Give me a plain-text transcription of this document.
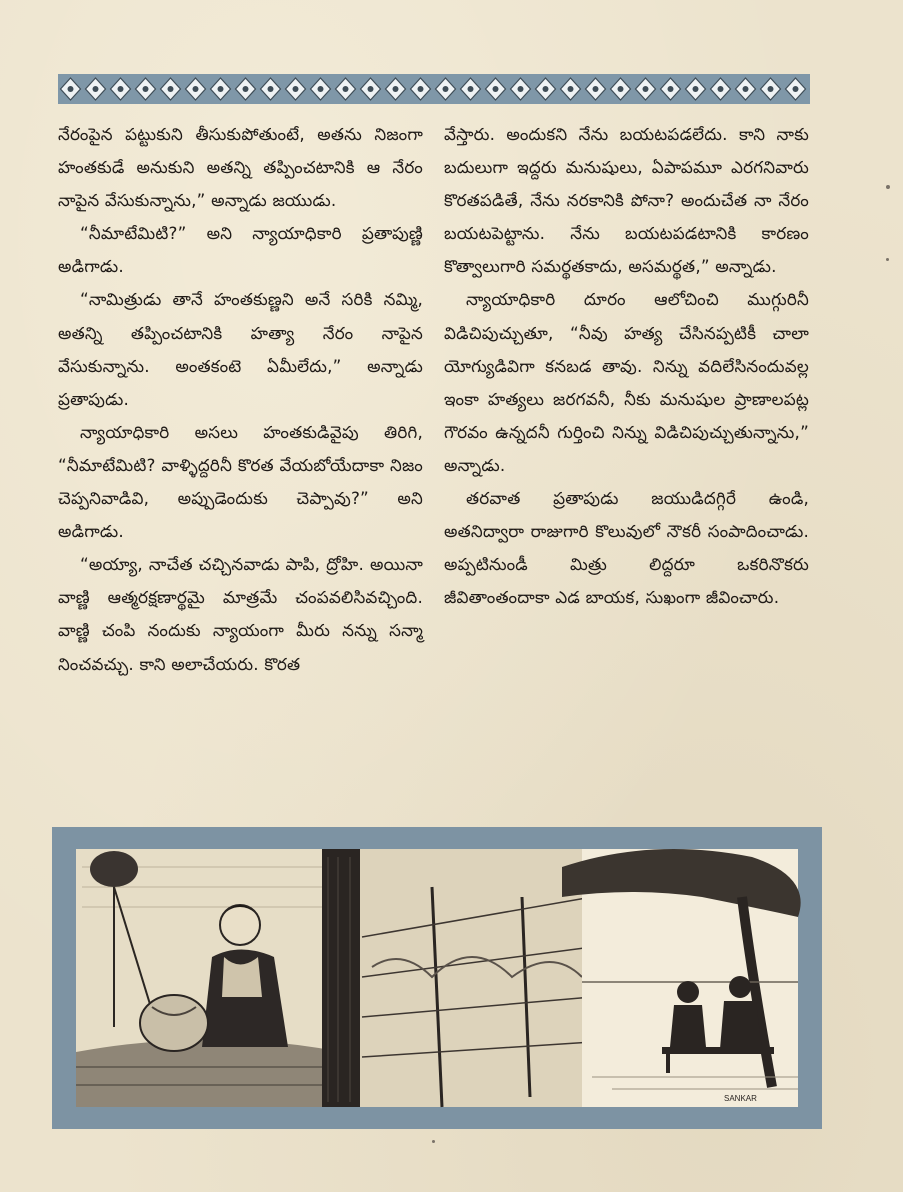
నేరంపైన పట్టుకుని తీసుకుపోతుంటే, అతను నిజంగా హంతకుడే అనుకుని అతన్ని తప్పించటానికి ఆ నేరం నాపైన వేసుకున్నాను,” అన్నాడు జయుడు.

“నీమాటేమిటి?” అని న్యాయాధికారి ప్రతాపుణ్ణి అడిగాడు.

“నామిత్రుడు తానే హంతకుణ్ణని అనే సరికి నమ్మి, అతన్ని తప్పించటానికి హత్యా నేరం నాపైన వేసుకున్నాను. అంతకంటె ఏమీలేదు,” అన్నాడు ప్రతాపుడు.

న్యాయాధికారి అసలు హంతకుడివైపు తిరిగి, “నీమాటేమిటి? వాళ్ళిద్దరినీ కొరత వేయబోయేదాకా నిజం చెప్పనివాడివి, అప్పుడెందుకు చెప్పావు?” అని అడిగాడు.

“అయ్యా, నాచేత చచ్చినవాడు పాపి, ద్రోహి. అయినా వాణ్ణి ఆత్మరక్షణార్థమై మాత్రమే చంపవలిసివచ్చింది. వాణ్ణి చంపి నందుకు న్యాయంగా మీరు నన్ను సన్మా నించవచ్చు. కాని అలాచేయరు. కొరత

వేస్తారు. అందుకని నేను బయటపడలేదు. కాని నాకు బదులుగా ఇద్దరు మనుషులు, ఏపాపమూ ఎరగనివారు కొరతపడితే, నేను నరకానికి పోనా? అందుచేత నా నేరం బయటపెట్టాను. నేను బయటపడటానికి కారణం కొత్వాలుగారి సమర్థతకాదు, అసమర్థత,” అన్నాడు.

న్యాయాధికారి దూరం ఆలోచించి ముగ్గురినీ విడిచిపుచ్చుతూ, “నీవు హత్య చేసినప్పటికీ చాలా యోగ్యుడివిగా కనబడ తావు. నిన్ను వదిలేసినందువల్ల ఇంకా హత్యలు జరగవనీ, నీకు మనుషుల ప్రాణాలపట్ల గౌరవం ఉన్నదనీ గుర్తించి నిన్ను విడిచిపుచ్చుతున్నాను,” అన్నాడు.

తరవాత ప్రతాపుడు జయుడిదగ్గిరే ఉండి, అతనిద్వారా రాజుగారి కొలువులో నౌకరీ సంపాదించాడు. అప్పటినుండీ మిత్రు లిద్దరూ ఒకరినొకరు జీవితాంతందాకా ఎడ బాయక, సుఖంగా జీవించారు.

SANKAR
